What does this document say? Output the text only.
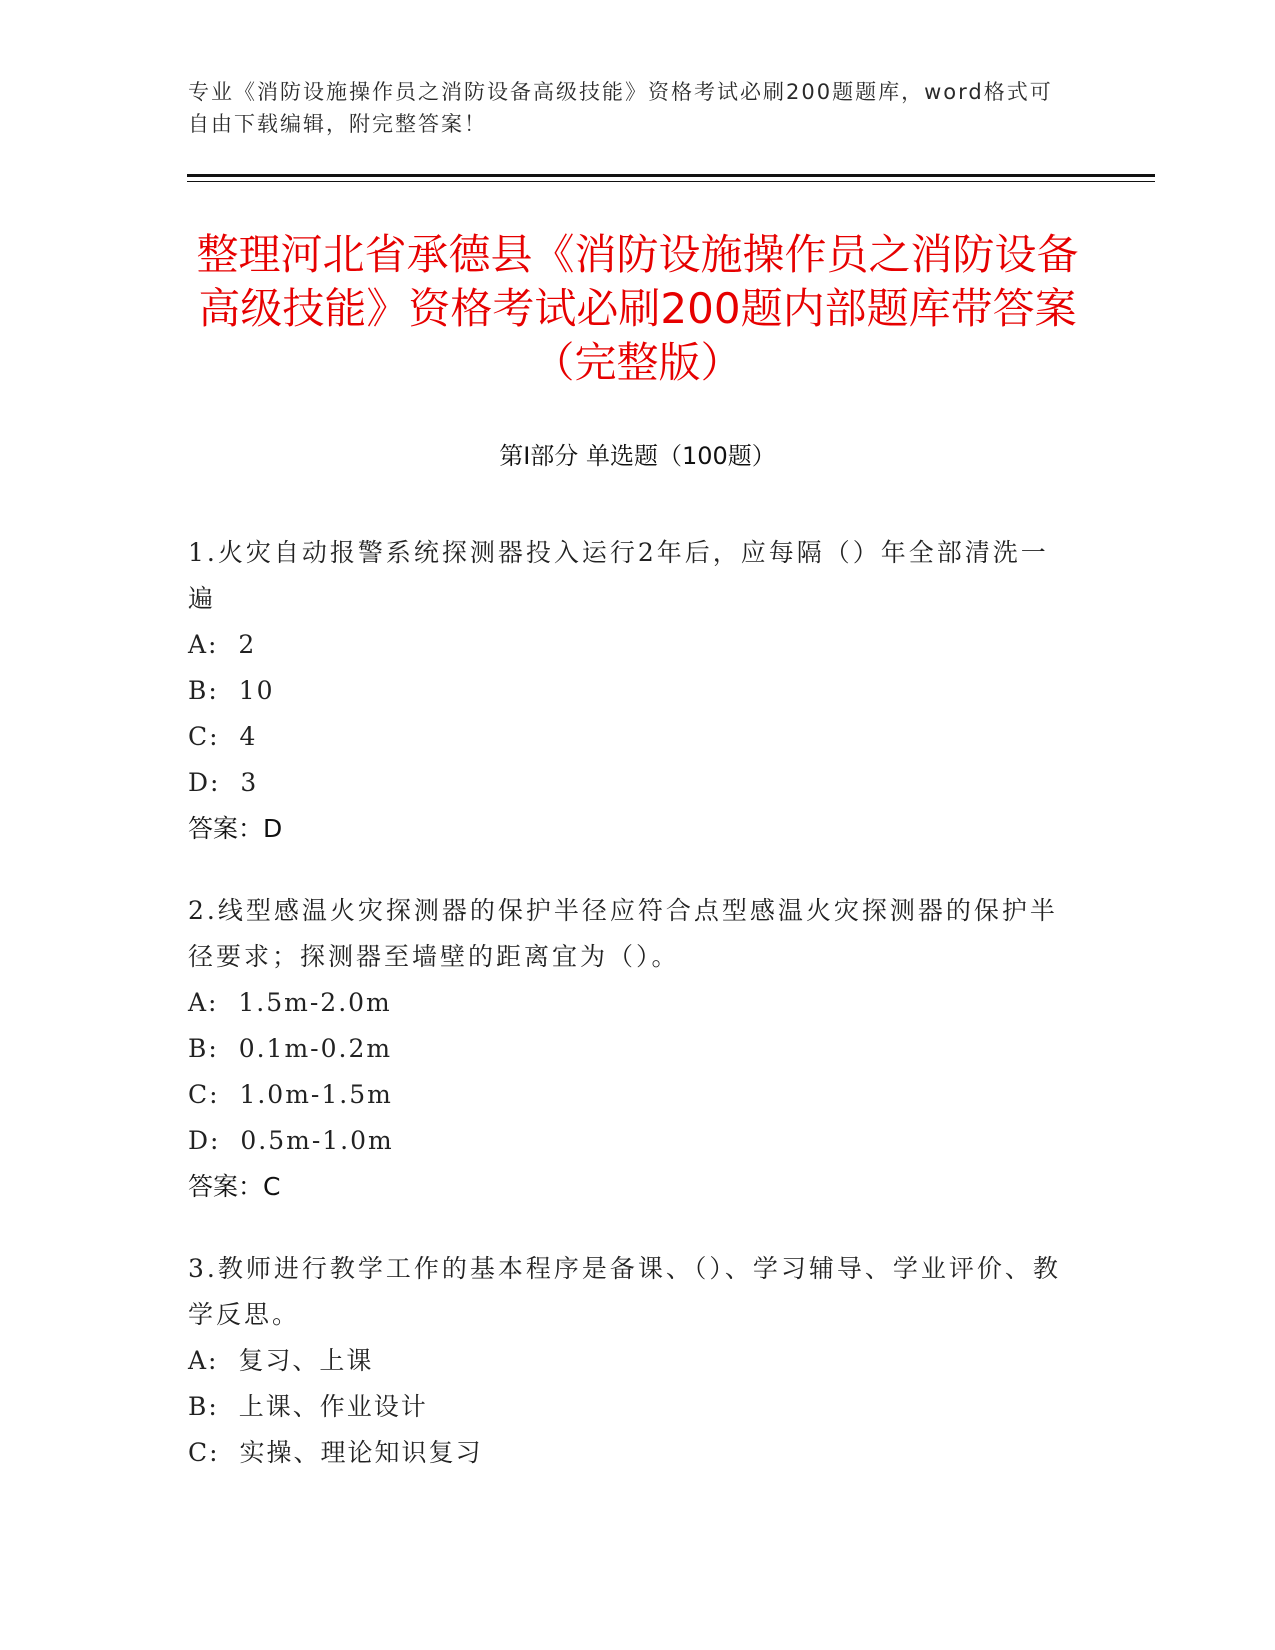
专业《消防设施操作员之消防设备高级技能》资格考试必刷200题题库，word格式可自由下载编辑，附完整答案！
整理河北省承德县《消防设施操作员之消防设备高级技能》资格考试必刷200题内部题库带答案（完整版）
第Ⅰ部分 单选题（100题）
1.火灾自动报警系统探测器投入运行2年后，应每隔（）年全部清洗一遍
A:  2
B:  10
C:  4
D:  3
答案：D
2.线型感温火灾探测器的保护半径应符合点型感温火灾探测器的保护半径要求；探测器至墙壁的距离宜为（）。
A:  1.5m-2.0m
B:  0.1m-0.2m
C:  1.0m-1.5m
D:  0.5m-1.0m
答案：C
3.教师进行教学工作的基本程序是备课、（）、学习辅导、学业评价、教学反思。
A:  复习、上课
B:  上课、作业设计
C:  实操、理论知识复习
